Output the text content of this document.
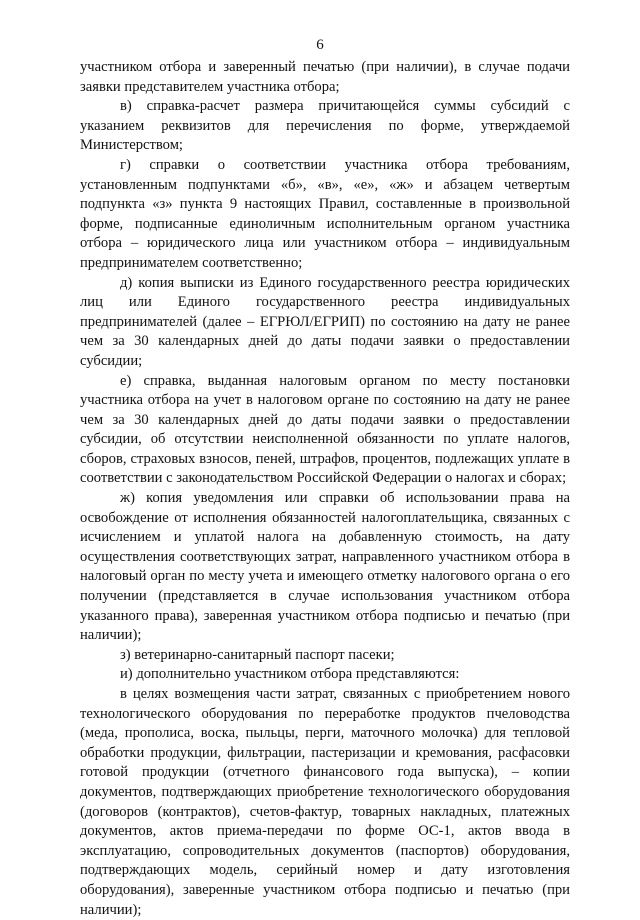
6

участником отбора и заверенный печатью (при наличии), в случае подачи заявки представителем участника отбора;

в) справка-расчет размера причитающейся суммы субсидий с указанием реквизитов для перечисления по форме, утверждаемой Министерством;

г) справки о соответствии участника отбора требованиям, установленным подпунктами «б», «в», «е», «ж» и абзацем четвертым подпункта «з» пункта 9 настоящих Правил, составленные в произвольной форме, подписанные единоличным исполнительным органом участника отбора – юридического лица или участником отбора – индивидуальным предпринимателем соответственно;

д) копия выписки из Единого государственного реестра юридических лиц или Единого государственного реестра индивидуальных предпринимателей (далее – ЕГРЮЛ/ЕГРИП) по состоянию на дату не ранее чем за 30 календарных дней до даты подачи заявки о предоставлении субсидии;

е) справка, выданная налоговым органом по месту постановки участника отбора на учет в налоговом органе по состоянию на дату не ранее чем за 30 календарных дней до даты подачи заявки о предоставлении субсидии, об отсутствии неисполненной обязанности по уплате налогов, сборов, страховых взносов, пеней, штрафов, процентов, подлежащих уплате в соответствии с законодательством Российской Федерации о налогах и сборах;

ж) копия уведомления или справки об использовании права на освобождение от исполнения обязанностей налогоплательщика, связанных с исчислением и уплатой налога на добавленную стоимость, на дату осуществления соответствующих затрат, направленного участником отбора в налоговый орган по месту учета и имеющего отметку налогового органа о его получении (представляется в случае использования участником отбора указанного права), заверенная участником отбора подписью и печатью (при наличии);

з) ветеринарно-санитарный паспорт пасеки;

и) дополнительно участником отбора представляются:

в целях возмещения части затрат, связанных с приобретением нового технологического оборудования по переработке продуктов пчеловодства (меда, прополиса, воска, пыльцы, перги, маточного молочка) для тепловой обработки продукции, фильтрации, пастеризации и кремования, расфасовки готовой продукции (отчетного финансового года выпуска), – копии документов, подтверждающих приобретение технологического оборудования (договоров (контрактов), счетов-фактур, товарных накладных, платежных документов, актов приема-передачи по форме ОС-1, актов ввода в эксплуатацию, сопроводительных документов (паспортов) оборудования, подтверждающих модель, серийный номер и дату изготовления оборудования), заверенные участником отбора подписью и печатью (при наличии);
